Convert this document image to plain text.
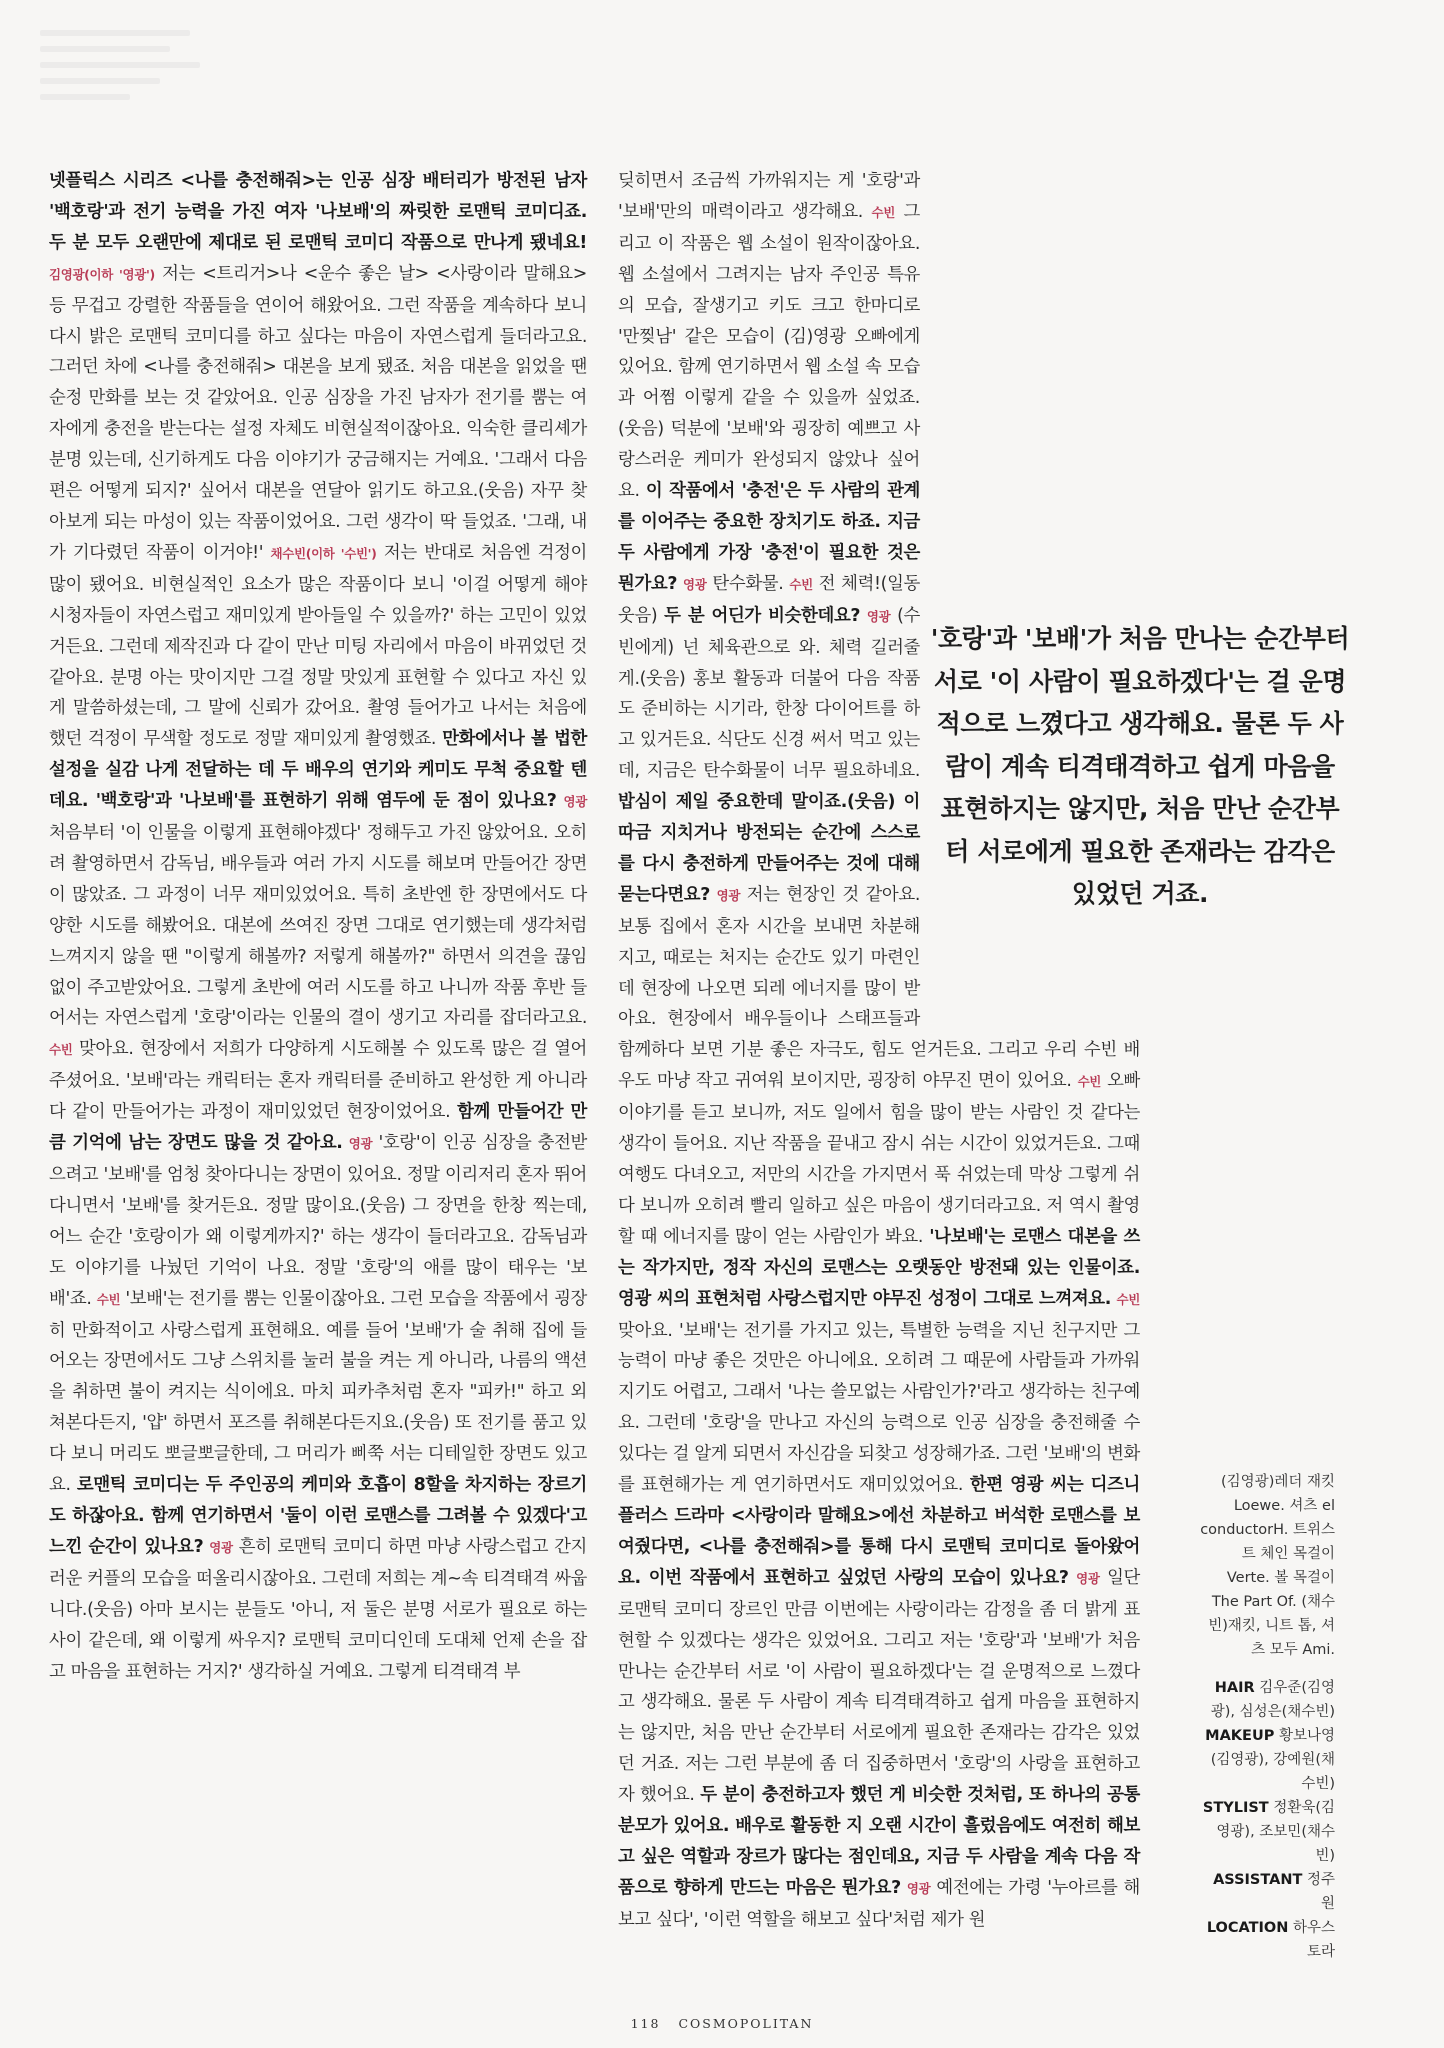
넷플릭스 시리즈 <나를 충전해줘>는 인공 심장 배터리가 방전된 남자 '백호랑'과 전기 능력을 가진 여자 '나보배'의 짜릿한 로맨틱 코미디죠. 두 분 모두 오랜만에 제대로 된 로맨틱 코미디 작품으로 만나게 됐네요! 김영광(이하 '영광') 저는 <트리거>나 <운수 좋은 날> <사랑이라 말해요> 등 무겁고 강렬한 작품들을 연이어 해왔어요. 그런 작품을 계속하다 보니 다시 밝은 로맨틱 코미디를 하고 싶다는 마음이 자연스럽게 들더라고요. 그러던 차에 <나를 충전해줘> 대본을 보게 됐죠. 처음 대본을 읽었을 땐 순정 만화를 보는 것 같았어요. 인공 심장을 가진 남자가 전기를 뿜는 여자에게 충전을 받는다는 설정 자체도 비현실적이잖아요. 익숙한 클리셰가 분명 있는데, 신기하게도 다음 이야기가 궁금해지는 거예요. '그래서 다음 편은 어떻게 되지?' 싶어서 대본을 연달아 읽기도 하고요.(웃음) 자꾸 찾아보게 되는 마성이 있는 작품이었어요. 그런 생각이 딱 들었죠. '그래, 내가 기다렸던 작품이 이거야!' 채수빈(이하 '수빈') 저는 반대로 처음엔 걱정이 많이 됐어요. 비현실적인 요소가 많은 작품이다 보니 '이걸 어떻게 해야 시청자들이 자연스럽고 재미있게 받아들일 수 있을까?' 하는 고민이 있었거든요. 그런데 제작진과 다 같이 만난 미팅 자리에서 마음이 바뀌었던 것 같아요. 분명 아는 맛이지만 그걸 정말 맛있게 표현할 수 있다고 자신 있게 말씀하셨는데, 그 말에 신뢰가 갔어요. 촬영 들어가고 나서는 처음에 했던 걱정이 무색할 정도로 정말 재미있게 촬영했죠. 만화에서나 볼 법한 설정을 실감 나게 전달하는 데 두 배우의 연기와 케미도 무척 중요할 텐데요. '백호랑'과 '나보배'를 표현하기 위해 염두에 둔 점이 있나요? 영광 처음부터 '이 인물을 이렇게 표현해야겠다' 정해두고 가진 않았어요. 오히려 촬영하면서 감독님, 배우들과 여러 가지 시도를 해보며 만들어간 장면이 많았죠. 그 과정이 너무 재미있었어요. 특히 초반엔 한 장면에서도 다양한 시도를 해봤어요. 대본에 쓰여진 장면 그대로 연기했는데 생각처럼 느껴지지 않을 땐 "이렇게 해볼까? 저렇게 해볼까?" 하면서 의견을 끊임없이 주고받았어요. 그렇게 초반에 여러 시도를 하고 나니까 작품 후반 들어서는 자연스럽게 '호랑'이라는 인물의 결이 생기고 자리를 잡더라고요. 수빈 맞아요. 현장에서 저희가 다양하게 시도해볼 수 있도록 많은 걸 열어주셨어요. '보배'라는 캐릭터는 혼자 캐릭터를 준비하고 완성한 게 아니라 다 같이 만들어가는 과정이 재미있었던 현장이었어요. 함께 만들어간 만큼 기억에 남는 장면도 많을 것 같아요. 영광 '호랑'이 인공 심장을 충전받으려고 '보배'를 엄청 찾아다니는 장면이 있어요. 정말 이리저리 혼자 뛰어다니면서 '보배'를 찾거든요. 정말 많이요.(웃음) 그 장면을 한창 찍는데, 어느 순간 '호랑이가 왜 이렇게까지?' 하는 생각이 들더라고요. 감독님과도 이야기를 나눴던 기억이 나요. 정말 '호랑'의 애를 많이 태우는 '보배'죠. 수빈 '보배'는 전기를 뿜는 인물이잖아요. 그런 모습을 작품에서 굉장히 만화적이고 사랑스럽게 표현해요. 예를 들어 '보배'가 술 취해 집에 들어오는 장면에서도 그냥 스위치를 눌러 불을 켜는 게 아니라, 나름의 액션을 취하면 불이 켜지는 식이에요. 마치 피카추처럼 혼자 "피카!" 하고 외쳐본다든지, '얍' 하면서 포즈를 취해본다든지요.(웃음) 또 전기를 품고 있다 보니 머리도 뽀글뽀글한데, 그 머리가 삐쭉 서는 디테일한 장면도 있고요. 로맨틱 코미디는 두 주인공의 케미와 호흡이 8할을 차지하는 장르기도 하잖아요. 함께 연기하면서 '둘이 이런 로맨스를 그려볼 수 있겠다'고 느낀 순간이 있나요? 영광 흔히 로맨틱 코미디 하면 마냥 사랑스럽고 간지러운 커플의 모습을 떠올리시잖아요. 그런데 저희는 계~속 티격태격 싸웁니다.(웃음) 아마 보시는 분들도 '아니, 저 둘은 분명 서로가 필요로 하는 사이 같은데, 왜 이렇게 싸우지? 로맨틱 코미디인데 도대체 언제 손을 잡고 마음을 표현하는 거지?' 생각하실 거예요. 그렇게 티격태격 부

딪히면서 조금씩 가까워지는 게 '호랑'과 '보배'만의 매력이라고 생각해요. 수빈 그리고 이 작품은 웹 소설이 원작이잖아요. 웹 소설에서 그려지는 남자 주인공 특유의 모습, 잘생기고 키도 크고 한마디로 '만찢남' 같은 모습이 (김)영광 오빠에게 있어요. 함께 연기하면서 웹 소설 속 모습과 어쩜 이렇게 같을 수 있을까 싶었죠.(웃음) 덕분에 '보배'와 굉장히 예쁘고 사랑스러운 케미가 완성되지 않았나 싶어요. 이 작품에서 '충전'은 두 사람의 관계를 이어주는 중요한 장치기도 하죠. 지금 두 사람에게 가장 '충전'이 필요한 것은 뭔가요? 영광 탄수화물. 수빈 전 체력!(일동 웃음) 두 분 어딘가 비슷한데요? 영광 (수빈에게) 넌 체육관으로 와. 체력 길러줄게.(웃음) 홍보 활동과 더불어 다음 작품도 준비하는 시기라, 한창 다이어트를 하고 있거든요. 식단도 신경 써서 먹고 있는데, 지금은 탄수화물이 너무 필요하네요. 밥심이 제일 중요한데 말이죠.(웃음) 이따금 지치거나 방전되는 순간에 스스로를 다시 충전하게 만들어주는 것에 대해 묻는다면요? 영광 저는 현장인 것 같아요. 보통 집에서 혼자 시간을 보내면 차분해지고, 때로는 처지는 순간도 있기 마련인데 현장에 나오면 되레 에너지를 많이 받아요. 현장에서 배우들이나 스태프들과 함께하다 보면 기분 좋은 자극도, 힘도 얻거든요. 그리고 우리 수빈 배우도 마냥 작고 귀여워 보이지만, 굉장히 야무진 면이 있어요. 수빈 오빠 이야기를 듣고 보니까, 저도 일에서 힘을 많이 받는 사람인 것 같다는 생각이 들어요. 지난 작품을 끝내고 잠시 쉬는 시간이 있었거든요. 그때 여행도 다녀오고, 저만의 시간을 가지면서 푹 쉬었는데 막상 그렇게 쉬다 보니까 오히려 빨리 일하고 싶은 마음이 생기더라고요. 저 역시 촬영할 때 에너지를 많이 얻는 사람인가 봐요. '나보배'는 로맨스 대본을 쓰는 작가지만, 정작 자신의 로맨스는 오랫동안 방전돼 있는 인물이죠. 영광 씨의 표현처럼 사랑스럽지만 야무진 성정이 그대로 느껴져요. 수빈 맞아요. '보배'는 전기를 가지고 있는, 특별한 능력을 지닌 친구지만 그 능력이 마냥 좋은 것만은 아니에요. 오히려 그 때문에 사람들과 가까워지기도 어렵고, 그래서 '나는 쓸모없는 사람인가?'라고 생각하는 친구예요. 그런데 '호랑'을 만나고 자신의 능력으로 인공 심장을 충전해줄 수 있다는 걸 알게 되면서 자신감을 되찾고 성장해가죠. 그런 '보배'의 변화를 표현해가는 게 연기하면서도 재미있었어요. 한편 영광 씨는 디즈니 플러스 드라마 <사랑이라 말해요>에선 차분하고 버석한 로맨스를 보여줬다면, <나를 충전해줘>를 통해 다시 로맨틱 코미디로 돌아왔어요. 이번 작품에서 표현하고 싶었던 사랑의 모습이 있나요? 영광 일단 로맨틱 코미디 장르인 만큼 이번에는 사랑이라는 감정을 좀 더 밝게 표현할 수 있겠다는 생각은 있었어요. 그리고 저는 '호랑'과 '보배'가 처음 만나는 순간부터 서로 '이 사람이 필요하겠다'는 걸 운명적으로 느꼈다고 생각해요. 물론 두 사람이 계속 티격태격하고 쉽게 마음을 표현하지는 않지만, 처음 만난 순간부터 서로에게 필요한 존재라는 감각은 있었던 거죠. 저는 그런 부분에 좀 더 집중하면서 '호랑'의 사랑을 표현하고자 했어요. 두 분이 충전하고자 했던 게 비슷한 것처럼, 또 하나의 공통분모가 있어요. 배우로 활동한 지 오랜 시간이 흘렀음에도 여전히 해보고 싶은 역할과 장르가 많다는 점인데요, 지금 두 사람을 계속 다음 작품으로 향하게 만드는 마음은 뭔가요? 영광 예전에는 가령 '누아르를 해보고 싶다', '이런 역할을 해보고 싶다'처럼 제가 원

'호랑'과 '보배'가 처음 만나는 순간부터 서로 '이 사람이 필요하겠다'는 걸 운명적으로 느꼈다고 생각해요. 물론 두 사람이 계속 티격태격하고 쉽게 마음을 표현하지는 않지만, 처음 만난 순간부터 서로에게 필요한 존재라는 감각은 있었던 거죠.
(김영광)레더 재킷 Loewe. 셔츠 el conductorH. 트위스트 체인 목걸이 Verte. 볼 목걸이 The Part Of. (채수빈)재킷, 니트 톱, 셔츠 모두 Ami.
HAIR 김우준(김영광), 심성은(채수빈)
MAKEUP 황보나영(김영광), 강예원(채수빈)
STYLIST 정환욱(김영광), 조보민(채수빈)
ASSISTANT 정주원
LOCATION 하우스 토라
118 COSMOPOLITAN
